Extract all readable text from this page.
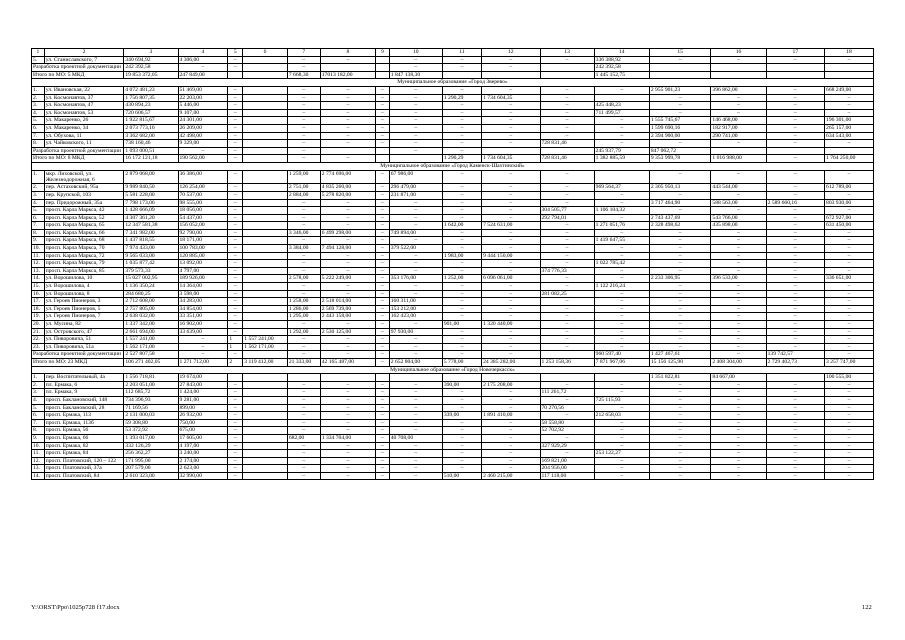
1	2	3	4	5	6	7	8	9	10	11	12	13	14	15	16	17	18
5.	ул. Станиславского, 7	340 694,92	4 306,00	–		–	–		–	–	–	–	336 388,92	–	–	–	–
Разработка проектной документации		242 392,58	–	–		–			–	–	–		242 392,58				
Итого по МО: 5 МКД		19 853 372,05	247 849,00			7 668,30	17013 182,00		1 847 138,30				1 445 152,75				
Муниципальное образование «Город Зверево»																	
1.	ул. Ивановская, 22	4 072 481,23	51 469,00	–		–	–	–	–	–	–	–	–	2 955 901,23	396 862,00	–	668 249,00
2.	ул. Космонавтов, 37	1 756 807,35	22 203,00	–		–	–	–	–	1 290,29	1 734 604,35	–		–	–	–	–
3.	ул. Космонавтов, 47	430 894,23	5 446,00	–		–	–	–	–	–	–	–	425 448,23	–	–	–	–
4.	ул. Космонавтов, 53	720 606,57	9 107,00	–		–	–	–	–	–	–	–	711 499,57	–	–	–	–
5.	ул. Макаренко, 26	1 922 815,67	24 301,00	–		–	–	–	–	–	–	–	–	1 555 745,67	146 468,00	–	196 301,00
6.	ул. Макаренко, 34	2 073 773,16	26 209,00	–		–	–	–	–	–	–	–	–	1 599 690,16	182 917,00	–	265 157,00
7.	ул. Обухова, 11	3 362 682,00	42 498,00	–		–	–	–	–	–	–	–	–	2 394 900,00	290 741,00	–	634 543,00
8.	ул. Чайковского, 11	738 160,46	9 329,00	–		–	–	–	–	–	–	728 831,46	–	–	–	–	–
Разработка проектной документации		1 093 000,51	–	–		–			–	–			245 937,79	847 062,72			
Итого по МО: 8 МКД		16 172 121,18	190 562,00	–		–	–			1 290,29	1 734 604,35	728 831,46	1 382 885,59	9 353 999,78	1 016 988,00	–	1 764 250,00
Муниципальное образование «Город Каменск-Шахтинский»																	
1.	мкр. Лиховской, ул. Железнодорожная, 6	2 879 068,00	36 386,00	–		1 259,00	2 774 696,00	–	67 986,00	–	–	–		–	–	–	–
2.	пер. Астаховский, 95а	9 989 840,50	126 254,00	–		2 751,00	4 835 260,00	–	296 479,00	–	–	–	969 564,37	2 305 950,13	443 544,00	–	612 789,00
3.	пер. Крупской, 103	5 581 228,00	70 537,00	–		2 884,00	5 278 820,00	–	231 871,00	–	–	–	–	–	–	–	–
4.	пер. Придорожный, 35а	7 798 173,06	98 555,00	–		–	–	–	–	–	–	–	–	3 717 464,90	588 563,00	2 589 660,16	803 930,00
5.	просп. Карла Маркса, 42	1 428 666,09	18 056,00	–		–	–	–	–	–	–	304 505,77	1 106 104,32	–	–	–	–
6.	просп. Карла Маркса, 52	4 307 361,20	54 437,00	–		–	–	–	–	–	–	292 794,01	–	2 743 437,69	543 766,00	–	672 927,00
7.	просп. Карла Маркса, 65	12 347 581,38	156 052,00	–		–	–	–	–	1 642,00	7 524 631,00	–	1 271 051,76	2 328 498,62	435 898,00	–	631 450,00
8.	просп. Карла Маркса, 66	7 341 982,00	92 790,00	–		3 346,00	6 499 298,00	–	749 894,00	–	–	–	–	–	–	–	–
9.	просп. Карла Маркса, 68	1 437 818,55	18 171,00	–		–	–	–	–	–	–	–	1 419 647,55	–	–	–	–
10.	просп. Карла Маркса, 70	7 974 433,00	100 783,00	–		3 384,00	7 494 128,00	–	379 522,00	–	–	–	–	–	–	–	–
11.	просп. Карла Маркса, 72	9 565 033,00	120 885,00	–		–	–	–	–	1 983,00	9 444 150,00	–	–	–	–	–	–
12.	просп. Карла Маркса, 79	1 035 877,42	13 092,00	–		–	–	–	–	–	–	–	1 022 785,42	–	–	–	–
13.	просп. Карла Маркса, 85	379 573,33	4 797,00	–		–	–	–	–	–	–	374 776,33	–	–	–	–	–
14.	ул. Ворошилова, 10	15 027 002,95	189 926,00	–		2 578,00	5 222 249,00	–	353 176,00	1 252,00	6 096 061,00	–	–	2 233 306,95	396 533,00	–	336 651,00
15.	ул. Ворошилова, 4	1 136 350,24	14 364,00	–		–	–	–	–	–	–	–	1 122 216,24	–	–	–	–
16.	ул. Ворошилова, 8	284 680,25	3 598,00	–		–	–	–	–	–	–	281 082,25	–	–	–	–	–
17.	ул. Героев Пионеров, 3	2 712 608,00	34 283,00	–		1 258,00	2 518 014,00	–	160 311,00	–	–	–	–	–	–	–	–
18.	ул. Героев Пионеров, 5	2 757 805,00	34 854,00	–		1 286,00	2 569 739,00	–	153 212,00	–	–	–	–	–	–	–	–
19.	ул. Героев Пионеров, 7	2 638 032,00	33 351,00	–		1 295,00	2 443 158,00	–	162 423,00	–	–	–	–	–	–	–	–
20.	ул. Мусина, 82	1 337 342,00	16 902,00	–		–	–	–	–	901,00	1 320 440,00	–	–	–	–	–	–
21.	ул. Островского, 47	2 661 694,00	33 639,00	–		1 292,00	2 530 125,00	–	97 930,00	–	–	–	–	–	–	–	–
22.	ул. Пиворовича, 51	1 557 241,00	–	1	1 557 241,00	–	–	–	–	–	–	–	–	–	–	–	–
23.	ул. Пиворовича, 51а	1 562 171,00	–	1	1 562 171,00	–	–	–	–	–	–	–	–	–	–	–	–
Разработка проектной документации		2 527 807,58	–	–		–	–	–	–	–	–		960 597,40	1 427 467,61	–	139 742,57	–
Итого по МО: 23 МКД		106 271 402,05	1 271 712,00	2	3 119 412,00	21 333,00	42 165 487,00	–	2 652 804,00	5 778,00	24 385 282,00	1 253 158,36	7 871 967,06	15 156 125,90	2 408 304,00	2 729 402,73	3 257 747,00
Муниципальное образование «Город Новочеркасск»																	
1.	пер. Воспитательный, 4а	1 556 718,81	19 674,00											1 351 822,81	84 667,00		100 555,00
2.	пл. Ермака, 6	2 203 051,00	27 843,00	–		–	–	–	–	390,00	2 175 208,00	–	–	–	–	–	–
3.	пл. Ермака, 9	112 685,72	1 424,00	–		–	–	–	–	–	–	111 261,72	–	–	–	–	–
4.	просп. Баклановский, 148	734 396,93	9 281,00	–		–	–	–	–	–	–	–	725 115,93	–	–	–	–
5.	просп. Баклановский, 28	71 169,56	899,00	–		–	–	–	–	–	–	70 270,56	–	–	–	–	–
6.	просп. Ермака, 113	2 131 000,03	26 932,00	–		–	–	–	–	339,00	1 891 410,00	–	212 658,03	–	–	–	–
7.	просп. Ермака, 113б	59 308,80	750,00	–		–	–	–	–	–	–	58 558,80	–	–	–	–	–
8.	просп. Ермака, 56	53 372,92	675,00	–		–	–	–	–	–	–	52 702,92	–	–	–	–	–
9.	просп. Ермака, 66	1 393 017,00	17 605,00	–		682,00	1 334 704,00	–	40 708,00	–	–	–	–	–	–	–	–
10.	просп. Ермака, 82	332 126,29	4 197,00	–		–	–	–	–	–	–	327 929,29	–	–	–	–	–
11.	просп. Ермака, 84	256 362,27	3 240,00	–		–	–	–	–	–	–	–	253 122,27	–	–	–	–
12.	просп. Платовский, 120 – 122	171 995,00	2 174,00	–		–	–	–	–	–	–	169 821,00	–	–	–	–	–
13.	просп. Платовский, 37а	207 579,00	2 623,00	–		–	–	–	–	–	–	204 956,00	–	–	–	–	–
14.	просп. Платовский, 84	2 610 323,00	32 990,00	–		–	–	–	–	510,00	2 460 215,00	117 118,00	–	–	–	–	–
Y:\ORST\Ppo\1025p728 f17.docx	122
